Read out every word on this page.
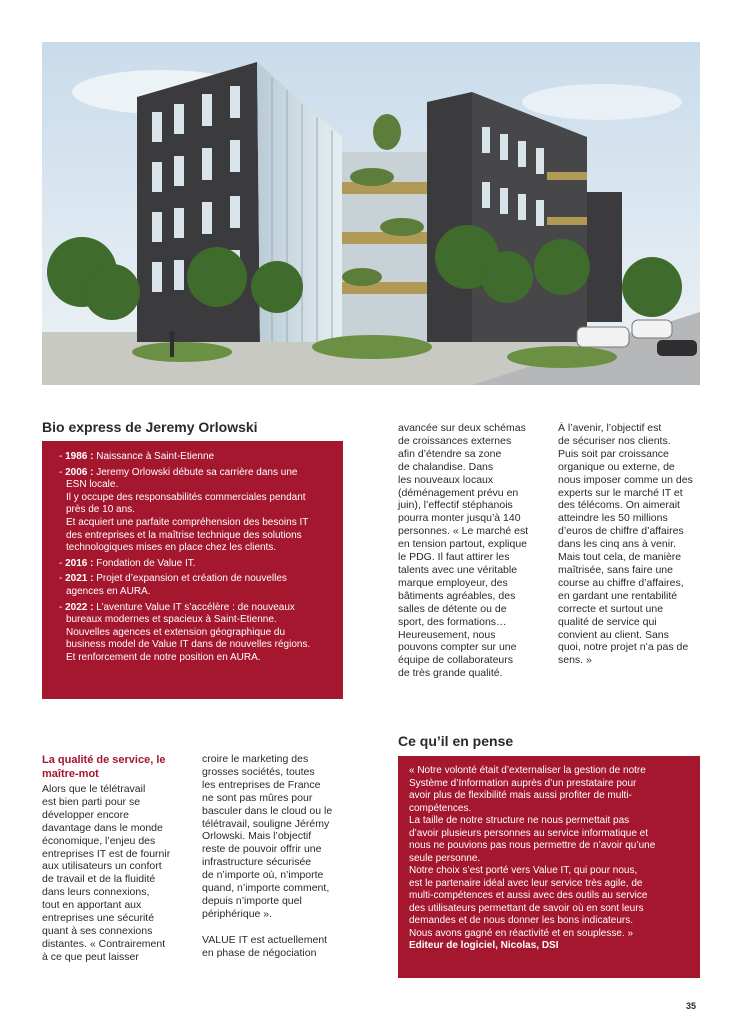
Bio express de Jeremy Orlowski
- 1986 : Naissance à Saint-Etienne
- 2006 : Jeremy Orlowski débute sa carrière dans une
ESN locale.
Il y occupe des responsabilités commerciales pendant
près de 10 ans.
Et acquiert une parfaite compréhension des besoins IT
des entreprises et la maîtrise technique des solutions
technologiques mises en place chez les clients.
- 2016 : Fondation de Value IT.
- 2021 : Projet d’expansion et création de nouvelles
agences en AURA.
- 2022 : L’aventure Value IT s’accélère : de nouveaux
bureaux modernes et spacieux à Saint-Etienne.
Nouvelles agences et extension géographique du
business model de Value IT dans de nouvelles régions.
Et renforcement de notre position en AURA.
avancée sur deux schémas
de croissances externes
afin d’étendre sa zone
de chalandise. Dans
les nouveaux locaux
(déménagement prévu en
juin), l’effectif stéphanois
pourra monter jusqu’à 140
personnes. « Le marché est
en tension partout, explique
le PDG. Il faut attirer les
talents avec une véritable
marque employeur, des
bâtiments agréables, des
salles de détente ou de
sport, des formations…
Heureusement, nous
pouvons compter sur une
équipe de collaborateurs
de très grande qualité.
À l’avenir, l’objectif est
de sécuriser nos clients.
Puis soit par croissance
organique ou externe, de
nous imposer comme un des
experts sur le marché IT et
des télécoms. On aimerait
atteindre les 50 millions
d’euros de chiffre d’affaires
dans les cinq ans à venir.
Mais tout cela, de manière
maîtrisée, sans faire une
course au chiffre d’affaires,
en gardant une rentabilité
correcte et surtout une
qualité de service qui
convient au client. Sans
quoi, notre projet n’a pas de
sens. »
La qualité de service, le
maître-mot
Alors que le télétravail
est bien parti pour se
développer encore
davantage dans le monde
économique, l’enjeu des
entreprises IT est de fournir
aux utilisateurs un confort
de travail et de la fluidité
dans leurs connexions,
tout en apportant aux
entreprises une sécurité
quant à ses connexions
distantes. « Contrairement
à ce que peut laisser
croire le marketing des
grosses sociétés, toutes
les entreprises de France
ne sont pas mûres pour
basculer dans le cloud ou le
télétravail, souligne Jérémy
Orlowski. Mais l’objectif
reste de pouvoir offrir une
infrastructure sécurisée
de n’importe où, n’importe
quand, n’importe comment,
depuis n’importe quel
périphérique ».
VALUE IT est actuellement
en phase de négociation
Ce qu’il en pense
« Notre volonté était d’externaliser la gestion de notre
Système d’Information auprès d’un prestataire pour
avoir plus de flexibilité mais aussi profiter de multi-
compétences.
La taille de notre structure ne nous permettait pas
d’avoir plusieurs personnes au service informatique et
nous ne pouvions pas nous permettre de n’avoir qu’une
seule personne.
Notre choix s’est porté vers Value IT, qui pour nous,
est le partenaire idéal avec leur service très agile, de
multi-compétences et aussi avec des outils au service
des utilisateurs permettant de savoir où en sont leurs
demandes et de nous donner les bons indicateurs.
Nous avons gagné en réactivité et en souplesse. »
Editeur de logiciel, Nicolas, DSI
35
